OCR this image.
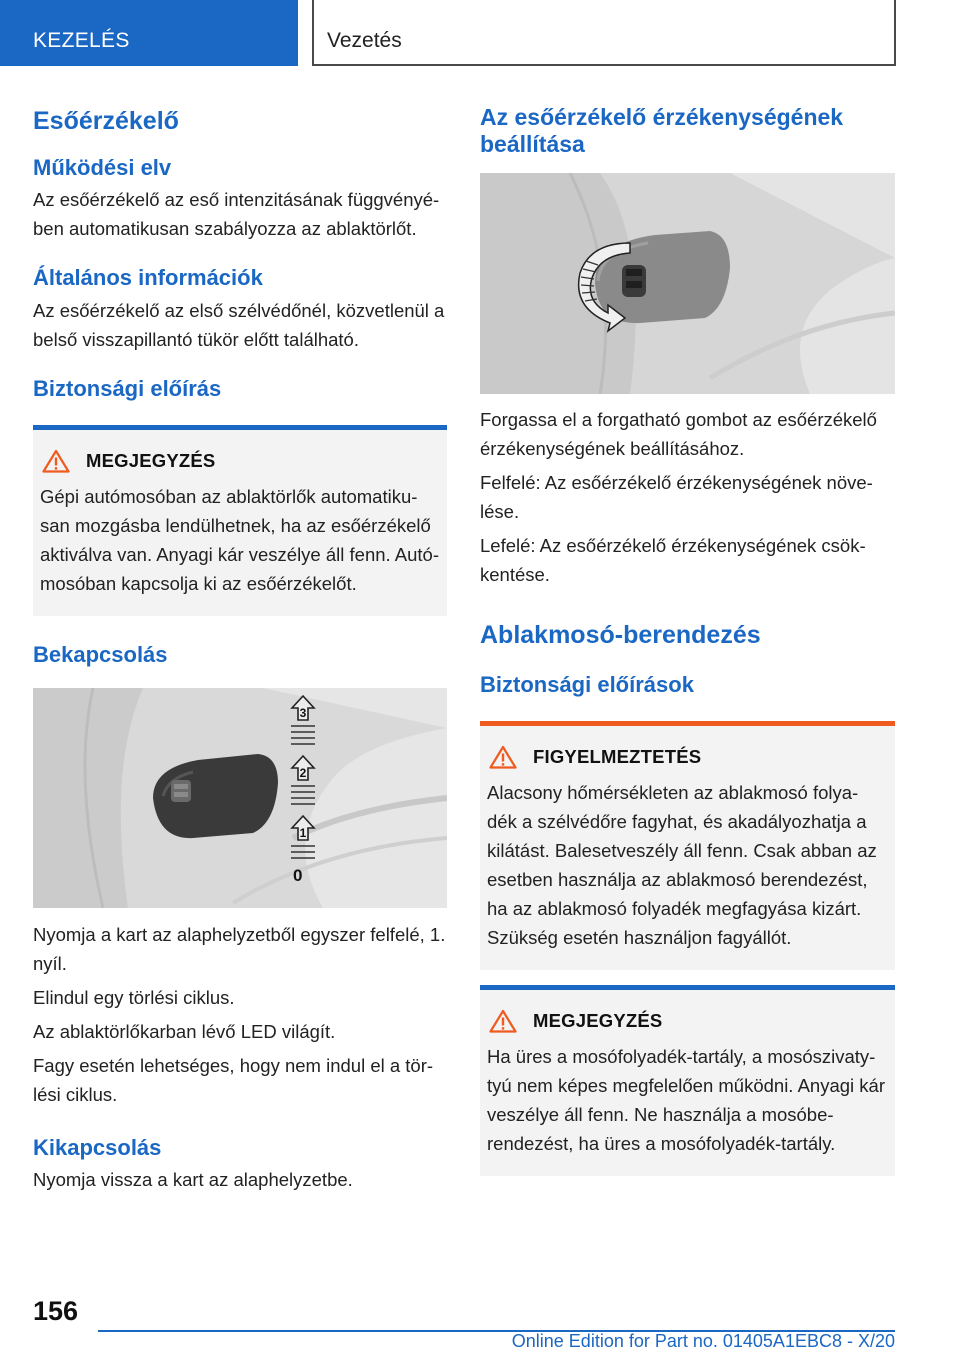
KEZELÉS	Vezetés
Esőérzékelő
Működési elv

Az esőérzékelő az eső intenzitásának függvényé-ben automatikusan szabályozza az ablaktörlőt.

Általános információk

Az esőérzékelő az első szélvédőnél, közvetlenül a belső visszapillantó tükör előtt található.

Biztonsági előírás
MEGJEGYZÉS

Gépi autómosóban az ablaktörlők automatiku-san mozgásba lendülhetnek, ha az esőérzékelő aktiválva van. Anyagi kár veszélye áll fenn. Autó-mosóban kapcsolja ki az esőérzékelőt.

Bekapcsolás
3
2
1
0

Nyomja a kart az alaphelyzetből egyszer felfelé, 1. nyíl.

Elindul egy törlési ciklus.

Az ablaktörlőkarban lévő LED világít.

Fagy esetén lehetséges, hogy nem indul el a tör-lési ciklus.

Kikapcsolás

Nyomja vissza a kart az alaphelyzetbe.

Az esőérzékelő érzékenységének beállítása

Forgassa el a forgatható gombot az esőérzékelő érzékenységének beállításához.

Felfelé: Az esőérzékelő érzékenységének növe-lése.

Lefelé: Az esőérzékelő érzékenységének csök-kentése.

Ablakmosó-berendezés
Biztonsági előírások
FIGYELMEZTETÉS

Alacsony hőmérsékleten az ablakmosó folya-dék a szélvédőre fagyhat, és akadályozhatja a kilátást. Balesetveszély áll fenn. Csak abban az esetben használja az ablakmosó berendezést, ha az ablakmosó folyadék megfagyása kizárt. Szükség esetén használjon fagyállót.

MEGJEGYZÉS

Ha üres a mosófolyadék-tartály, a mosószivaty-tyú nem képes megfelelően működni. Anyagi kár veszélye áll fenn. Ne használja a mosóbe-rendezést, ha üres a mosófolyadék-tartály.

156
Online Edition for Part no. 01405A1EBC8 - X/20
